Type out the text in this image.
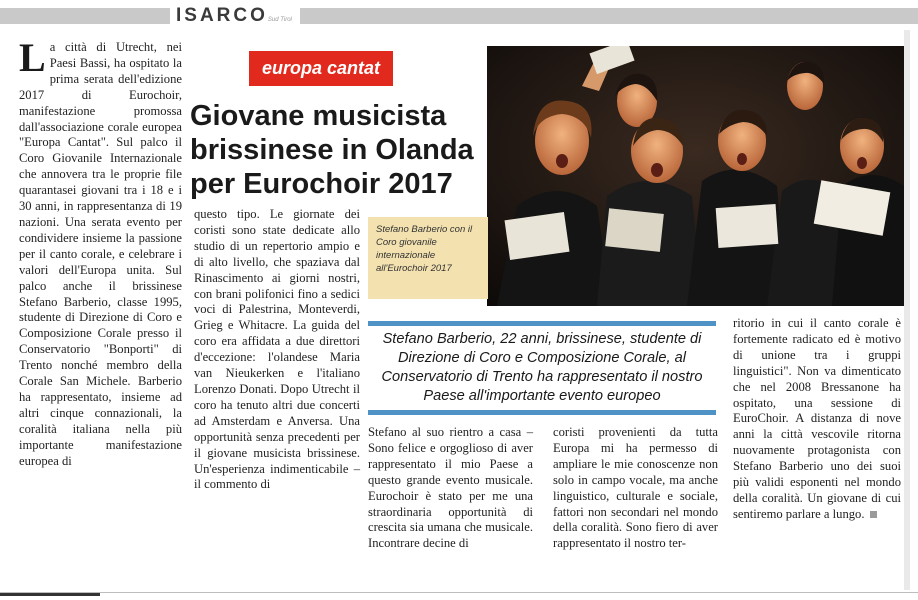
ISARCOSud Tirol
La città di Utrecht, nei Paesi Bassi, ha ospitato la prima serata dell'edizione 2017 di Eurochoir, manifestazione promossa dall'associazione corale europea "Europa Cantat". Sul palco il Coro Giovanile Internazionale che annovera tra le proprie file quarantasei giovani tra i 18 e i 30 anni, in rappresentanza di 19 nazioni. Una serata evento per condividere insieme la passione per il canto corale, e celebrare i valori dell'Europa unita. Sul palco anche il brissinese Stefano Barberio, classe 1995, studente di Direzione di Coro e Composizione Corale presso il Conservatorio "Bonporti" di Trento nonché membro della Corale San Michele. Barberio ha rappresentato, insieme ad altri cinque connazionali, la coralità italiana nella più importante manifestazione europea di
europa cantat
Giovane musicista brissinese in Olanda per Eurochoir 2017
Stefano Barberio con il Coro giovanile internazionale all'Eurochoir 2017
questo tipo. Le giornate dei coristi sono state dedicate allo studio di un repertorio ampio e di alto livello, che spaziava dal Rinascimento ai giorni nostri, con brani polifonici fino a sedici voci di Palestrina, Monteverdi, Grieg e Whitacre. La guida del coro era affidata a due direttori d'eccezione: l'olandese Maria van Nieukerken e l'italiano Lorenzo Donati. Dopo Utrecht il coro ha tenuto altri due concerti ad Amsterdam e Anversa. Una opportunità senza precedenti per il giovane musicista brissinese. Un'esperienza indimenticabile – il commento di
Stefano Barberio, 22 anni, brissinese, studente di Direzione di Coro e Composizione Corale, al Conservatorio di Trento ha rappresentato il nostro Paese all'importante evento europeo
Stefano al suo rientro a casa – Sono felice e orgoglioso di aver rappresentato il mio Paese a questo grande evento musicale. Eurochoir è stato per me una straordinaria opportunità di crescita sia umana che musicale. Incontrare decine di
coristi provenienti da tutta Europa mi ha permesso di ampliare le mie conoscenze non solo in campo vocale, ma anche linguistico, culturale e sociale, fattori non secondari nel mondo della coralità. Sono fiero di aver rappresentato il nostro ter-
ritorio in cui il canto corale è fortemente radicato ed è motivo di unione tra i gruppi linguistici". Non va dimenticato che nel 2008 Bressanone ha ospitato, una sessione di EuroChoir. A distanza di nove anni la città vescovile ritorna nuovamente protagonista con Stefano Barberio uno dei suoi più validi esponenti nel mondo della coralità. Un giovane di cui sentiremo parlare a lungo.
